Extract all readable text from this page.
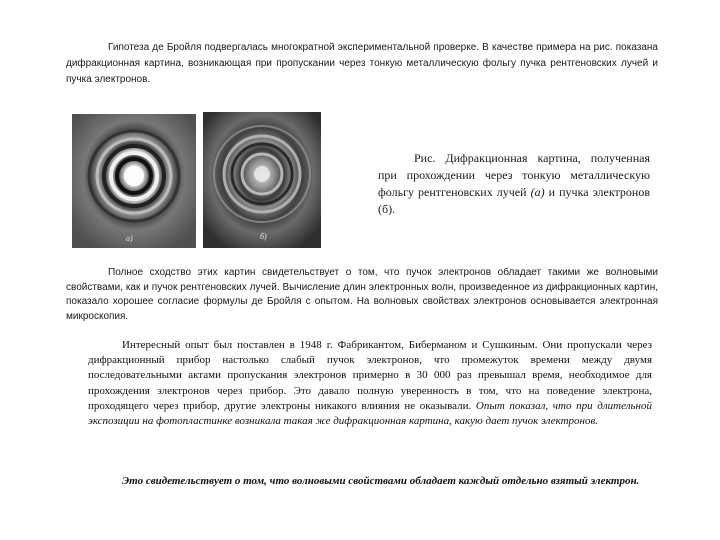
Гипотеза де Бройля подвергалась многократной экспериментальной проверке. В качестве примера на рис. показана дифракционная картина, возникающая при пропускании через тонкую металлическую фольгу пучка рентгеновских лучей и пучка электронов.

а)	б)

Рис. Дифракционная картина, полученная при прохождении через тонкую металлическую фольгу рентгеновских лучей (а) и пучка электронов (б).

Полное сходство этих картин свидетельствует о том, что пучок электронов обладает такими же волновыми свойствами, как и пучок рентгеновских лучей. Вычисление длин электронных волн, произведенное из дифракционных картин, показало хорошее согласие формулы де Бройля с опытом. На волновых свойствах электронов основывается электронная микроскопия.

Интересный опыт был поставлен в 1948 г. Фабрикантом, Биберманом и Сушкиным. Они пропускали через дифракционный прибор настолько слабый пучок электронов, что промежуток времени между двумя последовательными актами пропускания электронов примерно в 30 000 раз превышал время, необходимое для прохождения электронов через прибор. Это давало полную уверенность в том, что на поведение электрона, проходящего через прибор, другие электроны никакого влияния не оказывали. Опыт показал, что при длительной экспозиции на фотопластинке возникала такая же дифракционная картина, какую дает пучок электронов.

Это свидетельствует о том, что волновыми свойствами обладает каждый отдельно взятый электрон.
